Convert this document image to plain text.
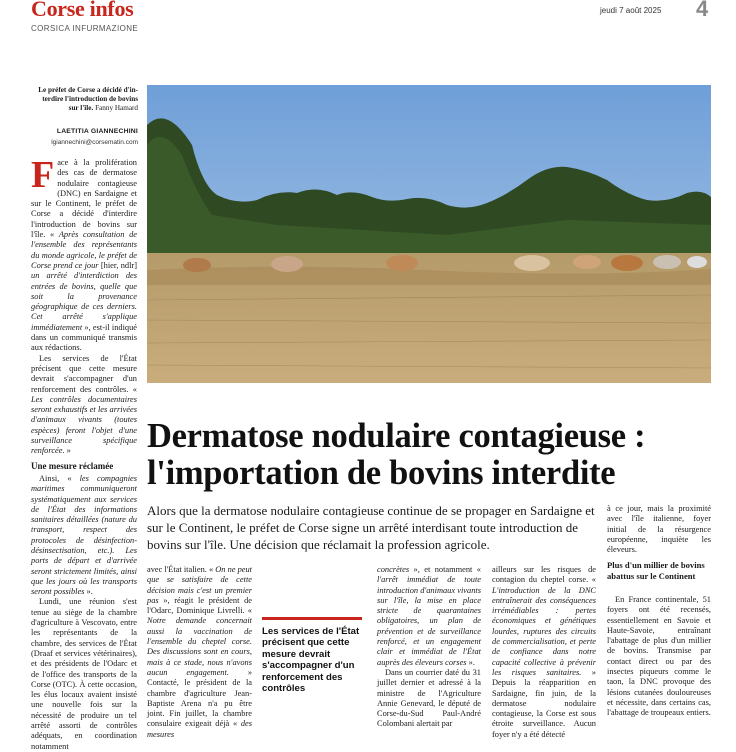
Corse infos
CORSICA INFURMAZIONE
jeudi 7 août 2025 4
Le préfet de Corse a décidé d'in-terdire l'introduction de bovins sur l'île. Fanny Hamard
LAETITIA GIANNECHINI
lgiannechini@corsematin.com

Face à la prolifération des cas de dermatose nodulaire contagieuse (DNC) en Sardaigne et sur le Continent, le préfet de Corse a décidé d'interdire l'introduction de bovins sur l'île. « Après consultation de l'ensemble des représentants du monde agricole, le préfet de Corse prend ce jour [hier, ndlr] un arrêté d'interdiction des entrées de bovins, quelle que soit la provenance géographique de ces derniers. Cet arrêté s'applique immédiatement », est-il indiqué dans un communiqué transmis aux rédactions.

Les services de l'État précisent que cette mesure devrait s'accompagner d'un renforcement des contrôles. « Les contrôles documentaires seront exhaustifs et les arrivées d'animaux vivants (toutes espèces) feront l'objet d'une surveillance spécifique renforcée. »

Une mesure réclamée

Ainsi, « les compagnies maritimes communiqueront systématiquement aux services de l'État des informations sanitaires détaillées (nature du transport, respect des protocoles de désinfection-désinsectisation, etc.). Les ports de départ et d'arrivée seront strictement limités, ainsi que les jours où les transports seront possibles ».

Lundi, une réunion s'est tenue au siège de la chambre d'agriculture à Vescovato, entre les représentants de la chambre, des services de l'État (Draaf et services vétérinaires), et des présidents de l'Odarc et de l'office des transports de la Corse (OTC). À cette occasion, les élus locaux avaient insisté une nouvelle fois sur la nécessité de produire un tel arrêté assorti de contrôles adéquats, en coordination notamment

Dermatose nodulaire contagieuse :
l'importation de bovins interdite
Alors que la dermatose nodulaire contagieuse continue de se propager en Sardaigne et sur le Continent, le préfet de Corse signe un arrêté interdisant toute introduction de bovins sur l'île. Une décision que réclamait la profession agricole.

avec l'État italien. « On ne peut que se satisfaire de cette décision mais c'est un premier pas », réagit le président de l'Odarc, Dominique Livrelli. « Notre demande concernait aussi la vaccination de l'ensemble du cheptel corse. Des discussions sont en cours, mais à ce stade, nous n'avons aucun engagement. » Contacté, le président de la chambre d'agriculture Jean-Baptiste Arena n'a pu être joint. Fin juillet, la chambre consulaire exigeait déjà « des mesures

Les services de l'État précisent que cette mesure devrait s'accompagner d'un renforcement des contrôles

concrètes », et notamment « l'arrêt immédiat de toute introduction d'animaux vivants sur l'île, la mise en place stricte de quarantaines obligatoires, un plan de prévention et de surveillance renforcé, et un engagement clair et immédiat de l'État auprès des éleveurs corses ».

Dans un courrier daté du 31 juillet dernier et adressé à la ministre de l'Agriculture Annie Genevard, le député de Corse-du-Sud Paul-André Colombani alertait par

ailleurs sur les risques de contagion du cheptel corse. « L'introduction de la DNC entraînerait des conséquences irrémédiables : pertes économiques et génétiques lourdes, ruptures des circuits de commercialisation, et perte de confiance dans notre capacité collective à prévenir les risques sanitaires. » Depuis la réapparition en Sardaigne, fin juin, de la dermatose nodulaire contagieuse, la Corse est sous étroite surveillance. Aucun foyer n'y a été détecté

à ce jour, mais la proximité avec l'île italienne, foyer initial de la résurgence européenne, inquiète les éleveurs.
Plus d'un millier de bovins abattus sur le Continent

En France continentale, 51 foyers ont été recensés, essentiellement en Savoie et Haute-Savoie, entraînant l'abattage de plus d'un millier de bovins. Transmise par contact direct ou par des insectes piqueurs comme le taon, la DNC provoque des lésions cutanées douloureuses et nécessite, dans certains cas, l'abattage de troupeaux entiers.
